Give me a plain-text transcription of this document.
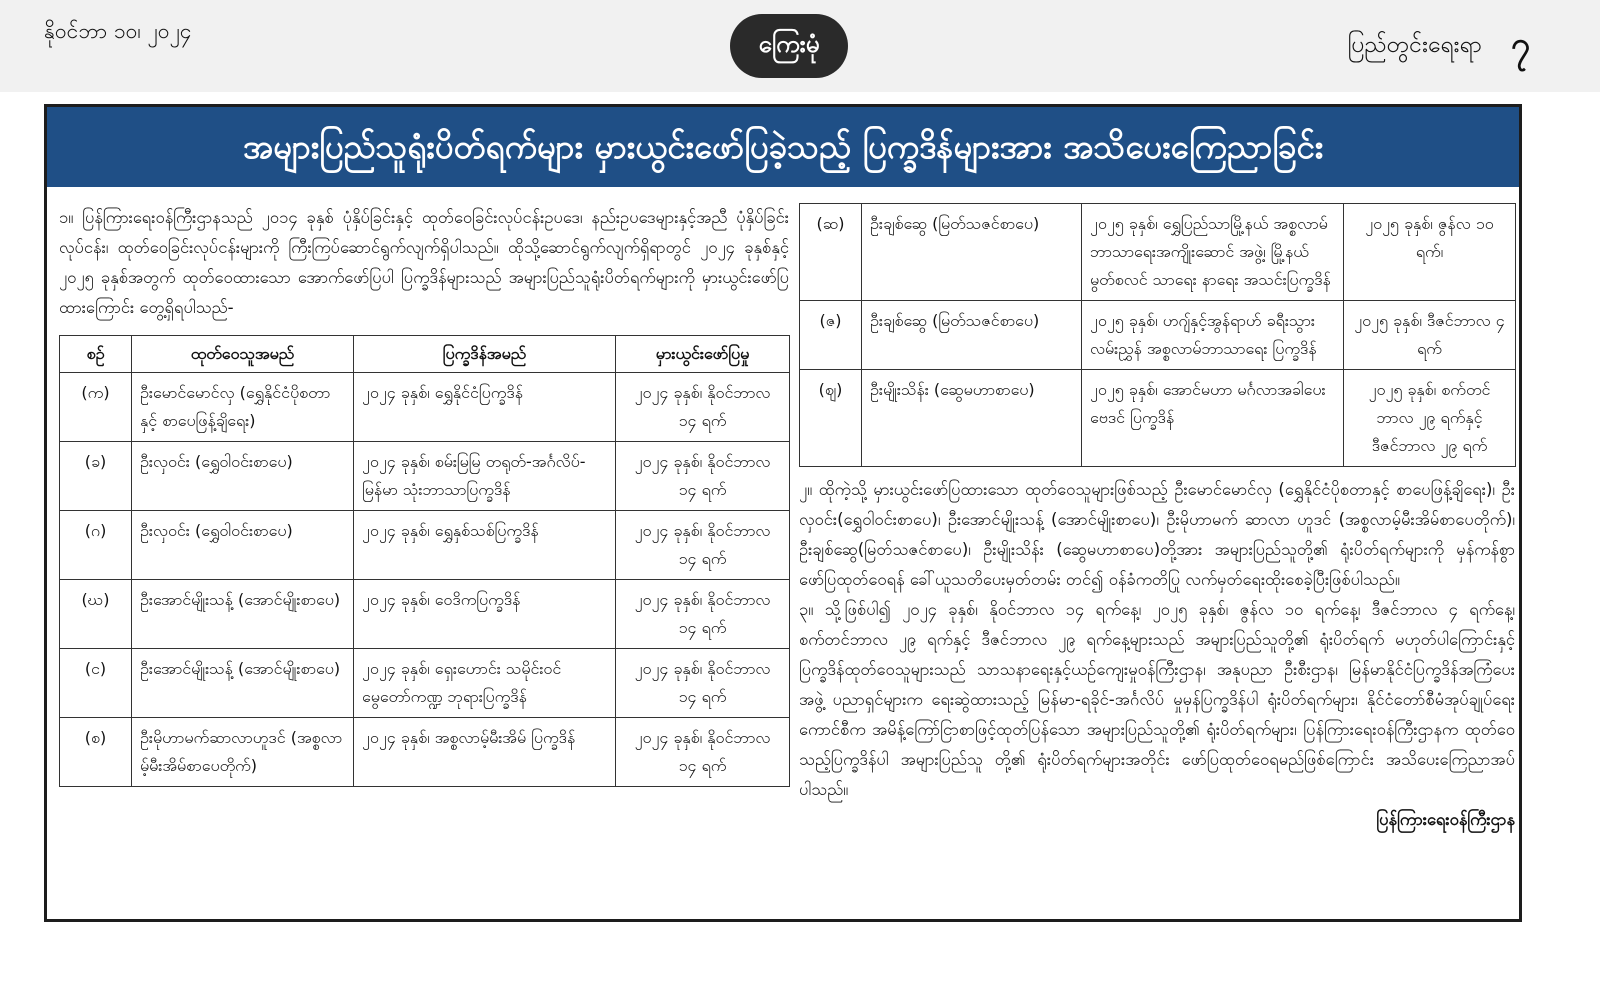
နိုဝင်ဘာ ၁၀၊ ၂၀၂၄	ကြေးမုံ	ပြည်တွင်းရေးရာ ၇
အများပြည်သူရုံးပိတ်ရက်များ မှားယွင်းဖော်ပြခဲ့သည့် ပြက္ခဒိန်များအား အသိပေးကြေညာခြင်း

၁။ ပြန်ကြားရေးဝန်ကြီးဌာနသည် ၂၀၁၄ ခုနှစ် ပုံနှိပ်ခြင်းနှင့် ထုတ်ဝေခြင်းလုပ်ငန်းဥပဒေ၊ နည်းဥပဒေများနှင့်အညီ ပုံနှိပ်ခြင်းလုပ်ငန်း၊ ထုတ်ဝေခြင်းလုပ်ငန်းများကို ကြီးကြပ်ဆောင်ရွက်လျက်ရှိပါသည်။ ထိုသို့ဆောင်ရွက်လျက်ရှိရာတွင် ၂၀၂၄ ခုနှစ်နှင့် ၂၀၂၅ ခုနှစ်အတွက် ထုတ်ဝေထားသော အောက်ဖော်ပြပါ ပြက္ခဒိန်များသည် အများပြည်သူရုံးပိတ်ရက်များကို မှားယွင်းဖော်ပြထားကြောင်း တွေ့ရှိရပါသည်-

စဉ်	ထုတ်ဝေသူအမည်	ပြက္ခဒိန်အမည်	မှားယွင်းဖော်ပြမှု
(က)	ဦးမောင်မောင်လှ (ရွှေနိုင်ငံပိုစတာနှင့် စာပေဖြန့်ချိရေး)	၂၀၂၄ ခုနှစ်၊ ရွှေနိုင်ငံပြက္ခဒိန်	၂၀၂၄ ခုနှစ်၊ နိုဝင်ဘာလ ၁၄ ရက်
(ခ)	ဦးလှဝင်း (ရွှေဝါဝင်းစာပေ)	၂၀၂၄ ခုနှစ်၊ စမ်းမြမြ တရုတ်-အင်္ဂလိပ်-မြန်မာ သုံးဘာသာပြက္ခဒိန်	၂၀၂၄ ခုနှစ်၊ နိုဝင်ဘာလ ၁၄ ရက်
(ဂ)	ဦးလှဝင်း (ရွှေဝါဝင်းစာပေ)	၂၀၂၄ ခုနှစ်၊ ရွှေနှစ်သစ်ပြက္ခဒိန်	၂၀၂၄ ခုနှစ်၊ နိုဝင်ဘာလ ၁၄ ရက်
(ဃ)	ဦးအောင်မျိုးသန့် (အောင်မျိုးစာပေ)	၂၀၂၄ ခုနှစ်၊ ဝေဒိကပြက္ခဒိန်	၂၀၂၄ ခုနှစ်၊ နိုဝင်ဘာလ ၁၄ ရက်
(င)	ဦးအောင်မျိုးသန့် (အောင်မျိုးစာပေ)	၂၀၂၄ ခုနှစ်၊ ရှေးဟောင်း သမိုင်းဝင်မွေတော်ကဏ္ဍ ဘုရားပြက္ခဒိန်	၂၀၂၄ ခုနှစ်၊ နိုဝင်ဘာလ ၁၄ ရက်
(စ)	ဦးမိုဟာမက်ဆာလာဟူဒင် (အစ္စလာမ့်မီးအိမ်စာပေတိုက်)	၂၀၂၄ ခုနှစ်၊ အစ္စလာမ့်မီးအိမ် ပြက္ခဒိန်	၂၀၂၄ ခုနှစ်၊ နိုဝင်ဘာလ ၁၄ ရက်
(ဆ)	ဦးချစ်ဆွေ (မြတ်သဇင်စာပေ)	၂၀၂၅ ခုနှစ်၊ ရွှေပြည်သာမြို့နယ် အစ္စလာမ်ဘာသာရေးအကျိုးဆောင် အဖွဲ့၊ မြို့နယ်မွတ်စလင် သာရေး နာရေး အသင်းပြက္ခဒိန်	၂၀၂၅ ခုနှစ်၊ ဇွန်လ ၁၀ ရက်၊
(ဇ)	ဦးချစ်ဆွေ (မြတ်သဇင်စာပေ)	၂၀၂၅ ခုနှစ်၊ ဟဂျ်နှင့်အွန်ရာဟ် ခရီးသွားလမ်းညွှန် အစ္စလာမ်ဘာသာရေး ပြက္ခဒိန်	၂၀၂၅ ခုနှစ်၊ ဒီဇင်ဘာလ ၄ ရက်
(ဈ)	ဦးမျိုးသိန်း (ဆွေမဟာစာပေ)	၂၀၂၅ ခုနှစ်၊ အောင်မဟာ မင်္ဂလာအခါပေးဗေဒင် ပြက္ခဒိန်	၂၀၂၅ ခုနှစ်၊ စက်တင် ဘာလ ၂၉ ရက်နှင့် ဒီဇင်ဘာလ ၂၉ ရက်

၂။ ထိုကဲ့သို့ မှားယွင်းဖော်ပြထားသော ထုတ်ဝေသူများဖြစ်သည့် ဦးမောင်မောင်လှ (ရွှေနိုင်ငံပိုစတာနှင့် စာပေဖြန့်ချိရေး)၊ ဦးလှဝင်း(ရွှေဝါဝင်းစာပေ)၊ ဦးအောင်မျိုးသန့် (အောင်မျိုးစာပေ)၊ ဦးမိုဟာမက် ဆာလာ ဟူဒင် (အစ္စလာမ့်မီးအိမ်စာပေတိုက်)၊ ဦးချစ်ဆွေ(မြတ်သဇင်စာပေ)၊ ဦးမျိုးသိန်း (ဆွေမဟာစာပေ)တို့အား အများပြည်သူတို့၏ ရုံးပိတ်ရက်များကို မှန်ကန်စွာဖော်ပြထုတ်ဝေရန် ခေါ်ယူသတိပေးမှတ်တမ်း တင်၍ ဝန်ခံကတိပြု လက်မှတ်ရေးထိုးစေခဲ့ပြီးဖြစ်ပါသည်။

၃။ သို့ဖြစ်ပါ၍ ၂၀၂၄ ခုနှစ်၊ နိုဝင်ဘာလ ၁၄ ရက်နေ့၊ ၂၀၂၅ ခုနှစ်၊ ဇွန်လ ၁၀ ရက်နေ့၊ ဒီဇင်ဘာလ ၄ ရက်နေ့၊ စက်တင်ဘာလ ၂၉ ရက်နှင့် ဒီဇင်ဘာလ ၂၉ ရက်နေ့များသည် အများပြည်သူတို့၏ ရုံးပိတ်ရက် မဟုတ်ပါကြောင်းနှင့် ပြက္ခဒိန်ထုတ်ဝေသူများသည် သာသနာရေးနှင့်ယဉ်ကျေးမှုဝန်ကြီးဌာန၊ အနုပညာ ဦးစီးဌာန၊ မြန်မာနိုင်ငံပြက္ခဒိန်အကြံပေးအဖွဲ့ ပညာရှင်များက ရေးဆွဲထားသည့် မြန်မာ-ရခိုင်-အင်္ဂလိပ် မှုမှန်ပြက္ခဒိန်ပါ ရုံးပိတ်ရက်များ၊ နိုင်ငံတော်စီမံအုပ်ချုပ်ရေးကောင်စီက အမိန့်ကြော်ငြာစာဖြင့်ထုတ်ပြန်သော အများပြည်သူတို့၏ ရုံးပိတ်ရက်များ၊ ပြန်ကြားရေးဝန်ကြီးဌာနက ထုတ်ဝေသည့်ပြက္ခဒိန်ပါ အများပြည်သူ တို့၏ ရုံးပိတ်ရက်များအတိုင်း ဖော်ပြထုတ်ဝေရမည်ဖြစ်ကြောင်း အသိပေးကြေညာအပ်ပါသည်။

ပြန်ကြားရေးဝန်ကြီးဌာန
